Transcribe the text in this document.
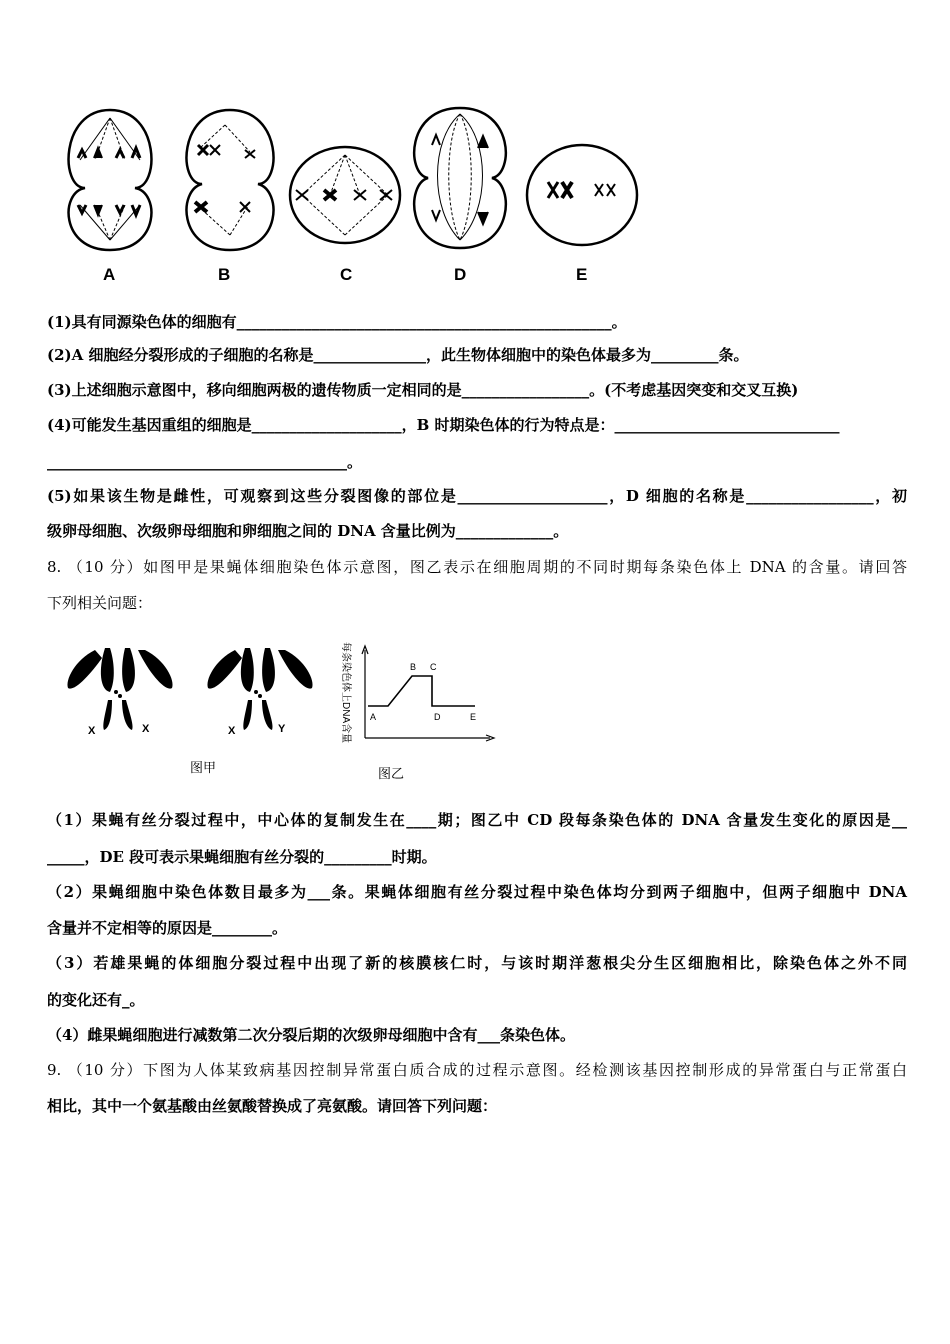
A	B	C	D	E
(1)具有同源染色体的细胞有__________________________________________________。
(2)A 细胞经分裂形成的子细胞的名称是_______________，此生物体细胞中的染色体最多为_________条。
(3)上述细胞示意图中，移向细胞两极的遗传物质一定相同的是_________________。(不考虑基因突变和交叉互换)
(4)可能发生基因重组的细胞是____________________，B 时期染色体的行为特点是：______________________________
________________________________________。
(5)如果该生物是雌性，可观察到这些分裂图像的部位是____________________，D 细胞的名称是_________________，初
级卵母细胞、次级卵母细胞和卵细胞之间的 DNA 含量比例为_____________。
8. （10 分）如图甲是果蝇体细胞染色体示意图，图乙表示在细胞周期的不同时期每条染色体上 DNA 的含量。请回答
下列相关问题：
X	X	X	Y
图甲
每条染色体上DNA含量 A
B C
D	E
图乙
（1）果蝇有丝分裂过程中，中心体的复制发生在____期；图乙中 CD 段每条染色体的 DNA 含量发生变化的原因是__
_____，DE 段可表示果蝇细胞有丝分裂的_________时期。
（2）果蝇细胞中染色体数目最多为___条。果蝇体细胞有丝分裂过程中染色体均分到两子细胞中，但两子细胞中 DNA
含量并不定相等的原因是________。
（3）若雄果蝇的体细胞分裂过程中出现了新的核膜核仁时，与该时期洋葱根尖分生区细胞相比，除染色体之外不同
的变化还有_。
（4）雌果蝇细胞进行减数第二次分裂后期的次级卵母细胞中含有___条染色体。
9. （10 分）下图为人体某致病基因控制异常蛋白质合成的过程示意图。经检测该基因控制形成的异常蛋白与正常蛋白
相比，其中一个氨基酸由丝氨酸替换成了亮氨酸。请回答下列问题：
